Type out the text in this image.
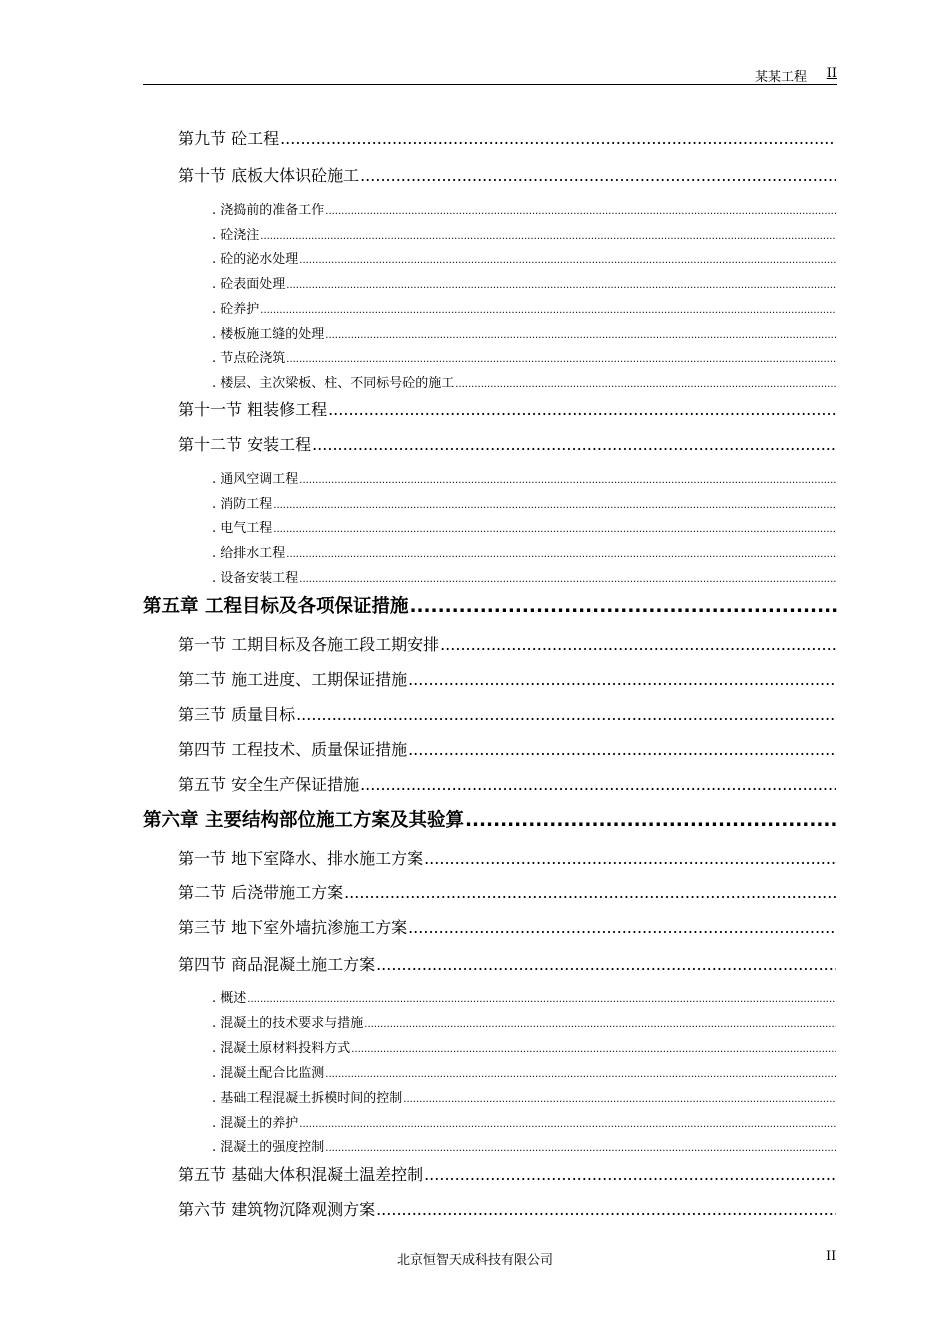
某某工程 II
第九节 砼工程
.....
第十节 底板大体识砼施工
.....
. 浇捣前的准备工作
.....
. 砼浇注
.....
. 砼的泌水处理
.....
. 砼表面处理
.....
. 砼养护
.....
. 楼板施工缝的处理
.....
. 节点砼浇筑
.....
. 楼层、主次梁板、柱、不同标号砼的施工
.....
第十一节 粗装修工程
.....
第十二节 安装工程
.....
. 通风空调工程
.....
. 消防工程
.....
. 电气工程
.....
. 给排水工程
.....
. 设备安装工程
.....
第五章 工程目标及各项保证措施
.....
第一节 工期目标及各施工段工期安排
.....
第二节 施工进度、工期保证措施
.....
第三节 质量目标
.....
第四节 工程技术、质量保证措施
.....
第五节 安全生产保证措施
.....
第六章 主要结构部位施工方案及其验算
.....
第一节 地下室降水、排水施工方案
.....
第二节 后浇带施工方案
.....
第三节 地下室外墙抗渗施工方案
.....
第四节 商品混凝土施工方案
.....
. 概述
.....
. 混凝土的技术要求与措施
.....
. 混凝土原材料投料方式
.....
. 混凝土配合比监测
.....
. 基础工程混凝土拆模时间的控制
.....
. 混凝土的养护
.....
. 混凝土的强度控制
.....
第五节 基础大体积混凝土温差控制
.....
第六节 建筑物沉降观测方案
.....
北京恒智天成科技有限公司	II
